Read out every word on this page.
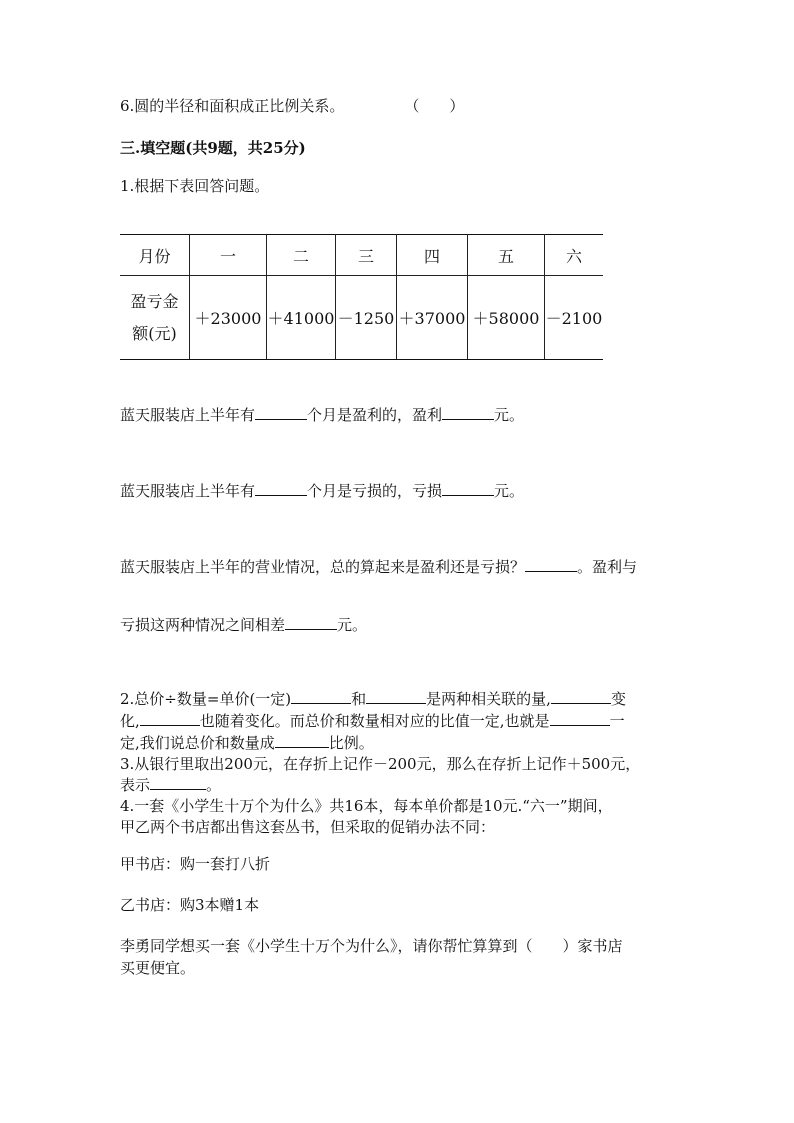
6.圆的半径和面积成正比例关系。	（　　）
三.填空题(共9题，共25分)
1.根据下表回答问题。
月份	一	二	三	四	五	六
盈亏金
额(元)	＋23000	＋41000	－1250	＋37000	＋58000	－2100
蓝天服装店上半年有	个月是盈利的，盈利	元。
蓝天服装店上半年有	个月是亏损的，亏损	元。
蓝天服装店上半年的营业情况，总的算起来是盈利还是亏损？	。盈利与
亏损这两种情况之间相差	元。
2.总价÷数量=单价(一定)	和	是两种相关联的量,	变
化,	也随着变化。而总价和数量相对应的比值一定,也就是	一
定,我们说总价和数量成	比例。
3.从银行里取出200元，在存折上记作－200元，那么在存折上记作＋500元，
表示	。
4.一套《小学生十万个为什么》共16本，每本单价都是10元.“六一”期间，
甲乙两个书店都出售这套丛书，但采取的促销办法不同：
甲书店：购一套打八折
乙书店：购3本赠1本
李勇同学想买一套《小学生十万个为什么》，请你帮忙算算到（　　）家书店
买更便宜。
